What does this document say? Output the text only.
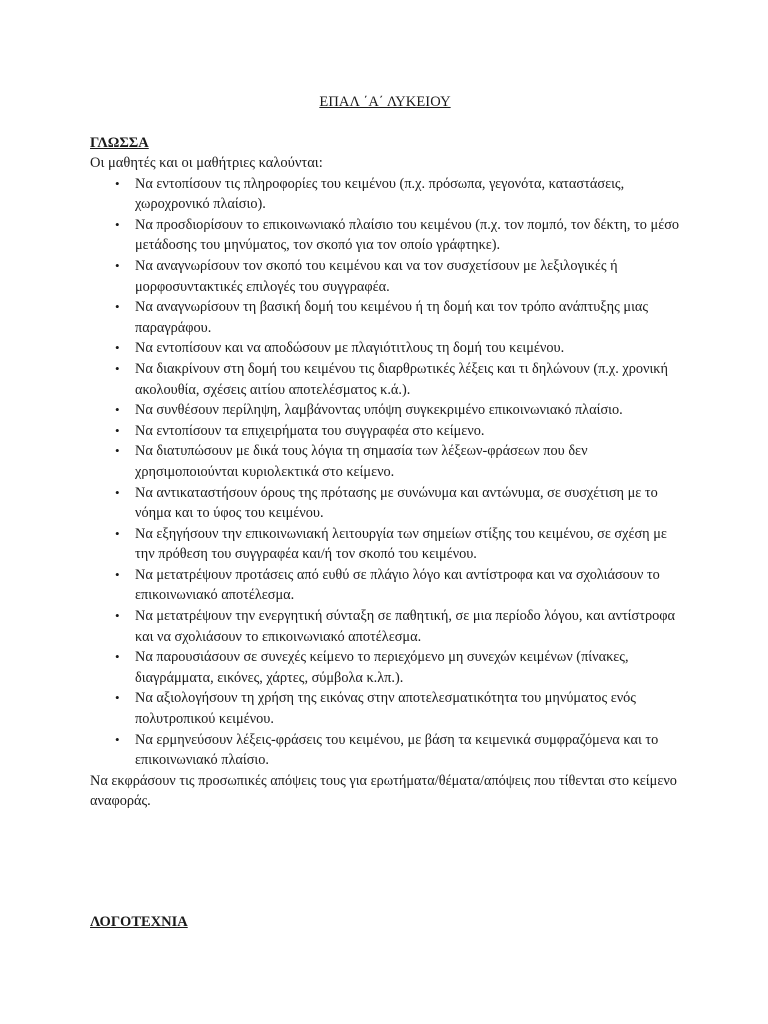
ΕΠΑΛ ΄Α΄ ΛΥΚΕΙΟΥ
ΓΛΩΣΣΑ

Οι μαθητές και οι μαθήτριες καλούνται:

• Να εντοπίσουν τις πληροφορίες του κειμένου (π.χ. πρόσωπα, γεγονότα, καταστάσεις, χωροχρονικό πλαίσιο).
• Να προσδιορίσουν το επικοινωνιακό πλαίσιο του κειμένου (π.χ. τον πομπό, τον δέκτη, το μέσο μετάδοσης του μηνύματος, τον σκοπό για τον οποίο γράφτηκε).
• Να αναγνωρίσουν τον σκοπό του κειμένου και να τον συσχετίσουν με λεξιλογικές ή μορφοσυντακτικές επιλογές του συγγραφέα.
• Να αναγνωρίσουν τη βασική δομή του κειμένου ή τη δομή και τον τρόπο ανάπτυξης μιας παραγράφου.
• Να εντοπίσουν και να αποδώσουν με πλαγιότιτλους τη δομή του κειμένου.
• Να διακρίνουν στη δομή του κειμένου τις διαρθρωτικές λέξεις και τι δηλώνουν (π.χ. χρονική ακολουθία, σχέσεις αιτίου αποτελέσματος κ.ά.).
• Να συνθέσουν περίληψη, λαμβάνοντας υπόψη συγκεκριμένο επικοινωνιακό πλαίσιο.
• Να εντοπίσουν τα επιχειρήματα του συγγραφέα στο κείμενο.
• Να διατυπώσουν με δικά τους λόγια τη σημασία των λέξεων-φράσεων που δεν χρησιμοποιούνται κυριολεκτικά στο κείμενο.
• Να αντικαταστήσουν όρους της πρότασης με συνώνυμα και αντώνυμα, σε συσχέτιση με το νόημα και το ύφος του κειμένου.
• Να εξηγήσουν την επικοινωνιακή λειτουργία των σημείων στίξης του κειμένου, σε σχέση με την πρόθεση του συγγραφέα και/ή τον σκοπό του κειμένου.
• Να μετατρέψουν προτάσεις από ευθύ σε πλάγιο λόγο και αντίστροφα και να σχολιάσουν το επικοινωνιακό αποτέλεσμα.
• Να μετατρέψουν την ενεργητική σύνταξη σε παθητική, σε μια περίοδο λόγου, και αντίστροφα και να σχολιάσουν το επικοινωνιακό αποτέλεσμα.
• Να παρουσιάσουν σε συνεχές κείμενο το περιεχόμενο μη συνεχών κειμένων (πίνακες, διαγράμματα, εικόνες, χάρτες, σύμβολα κ.λπ.).
• Να αξιολογήσουν τη χρήση της εικόνας στην αποτελεσματικότητα του μηνύματος ενός πολυτροπικού κειμένου.
• Να ερμηνεύσουν λέξεις-φράσεις του κειμένου, με βάση τα κειμενικά συμφραζόμενα και το επικοινωνιακό πλαίσιο.

Να εκφράσουν τις προσωπικές απόψεις τους για ερωτήματα/θέματα/απόψεις που τίθενται στο κείμενο αναφοράς.

ΛΟΓΟΤΕΧΝΙΑ
